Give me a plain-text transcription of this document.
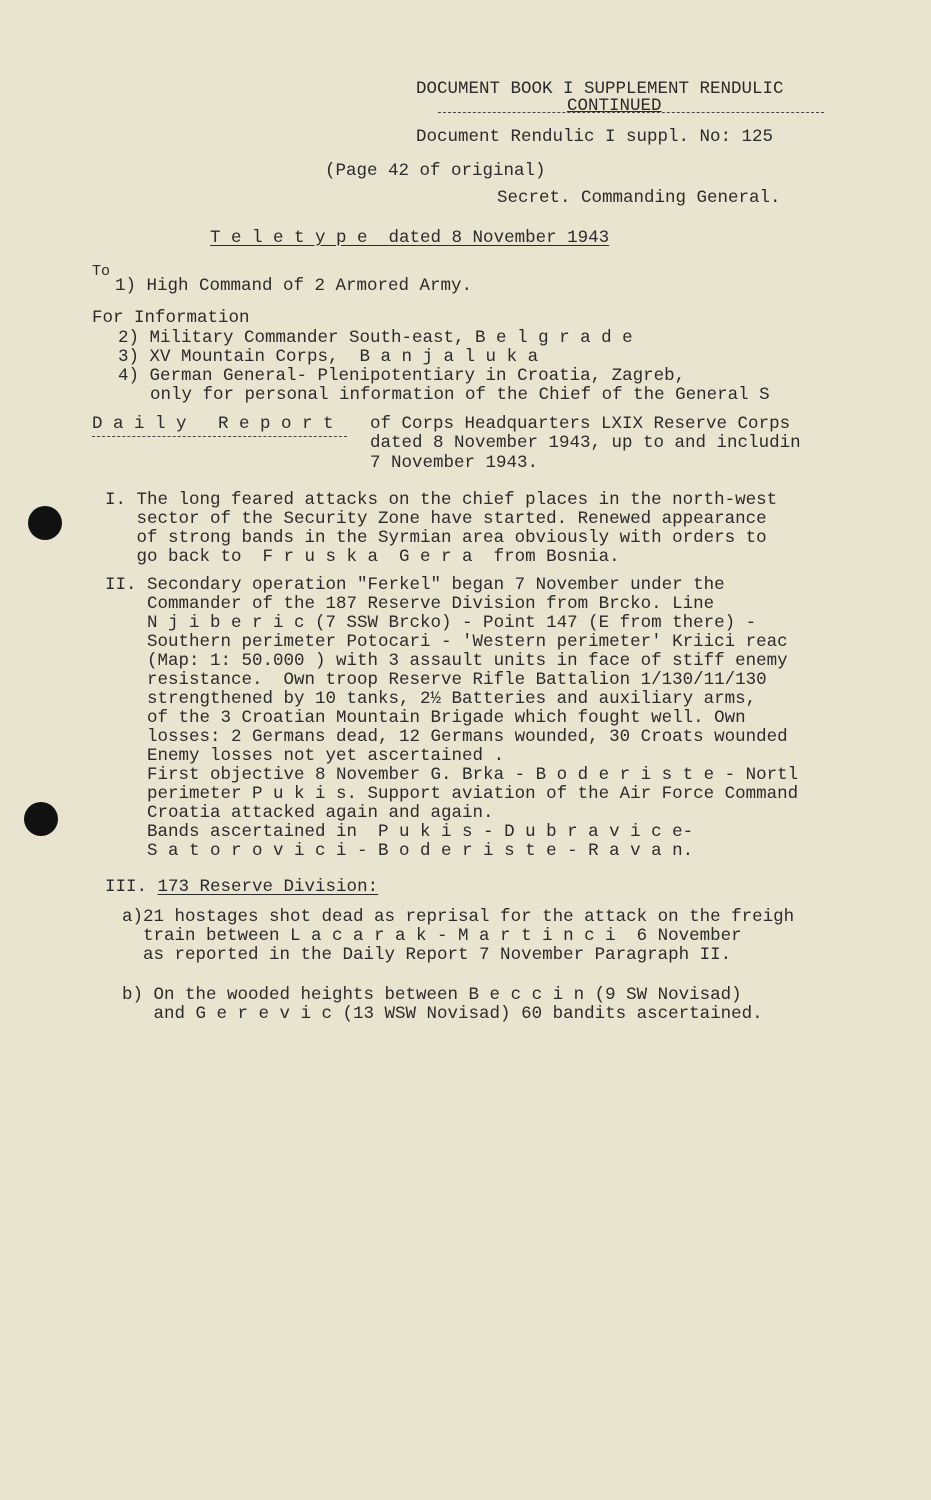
DOCUMENT BOOK I SUPPLEMENT RENDULIC
CONTINUED
Document Rendulic I suppl. No: 125
(Page 42 of original)
Secret. Commanding General.
T e l e t y p e dated 8 November 1943
To
1) High Command of 2 Armored Army.
For Information
2) Military Commander South-east, B e l g r a d e
3) XV Mountain Corps,  B a n j a l u k a
4) German General- Plenipotentiary in Croatia, Zagreb,
only for personal information of the Chief of the General S
D a i l y   R e p o r t of Corps Headquarters LXIX Reserve Corps
dated 8 November 1943, up to and includin
7 November 1943.
I. The long feared attacks on the chief places in the north-west
sector of the Security Zone have started. Renewed appearance
of strong bands in the Syrmian area obviously with orders to
go back to  F r u s k a  G e r a  from Bosnia.
II. Secondary operation "Ferkel" began 7 November under the
Commander of the 187 Reserve Division from Brcko. Line
N j i b e r i c (7 SSW Brcko) - Point 147 (E from there) -
Southern perimeter Potocari - 'Western perimeter' Kriici reac
(Map: 1: 50.000 ) with 3 assault units in face of stiff enemy
resistance.  Own troop Reserve Rifle Battalion 1/130/11/130
strengthened by 10 tanks, 2½ Batteries and auxiliary arms,
of the 3 Croatian Mountain Brigade which fought well. Own
losses: 2 Germans dead, 12 Germans wounded, 30 Croats wounded
Enemy losses not yet ascertained .
First objective 8 November G. Brka - B o d e r i s t e - Nortl
perimeter P u k i s. Support aviation of the Air Force Command
Croatia attacked again and again.
Bands ascertained in  P u k i s - D u b r a v i c e-
S a t o r o v i c i - B o d e r i s t e - R a v a n.
III. 173 Reserve Division:
a)21 hostages shot dead as reprisal for the attack on the freigh
train between L a c a r a k - M a r t i n c i  6 November
as reported in the Daily Report 7 November Paragraph II.
b) On the wooded heights between B e c c i n (9 SW Novisad)
and G e r e v i c (13 WSW Novisad) 60 bandits ascertained.
